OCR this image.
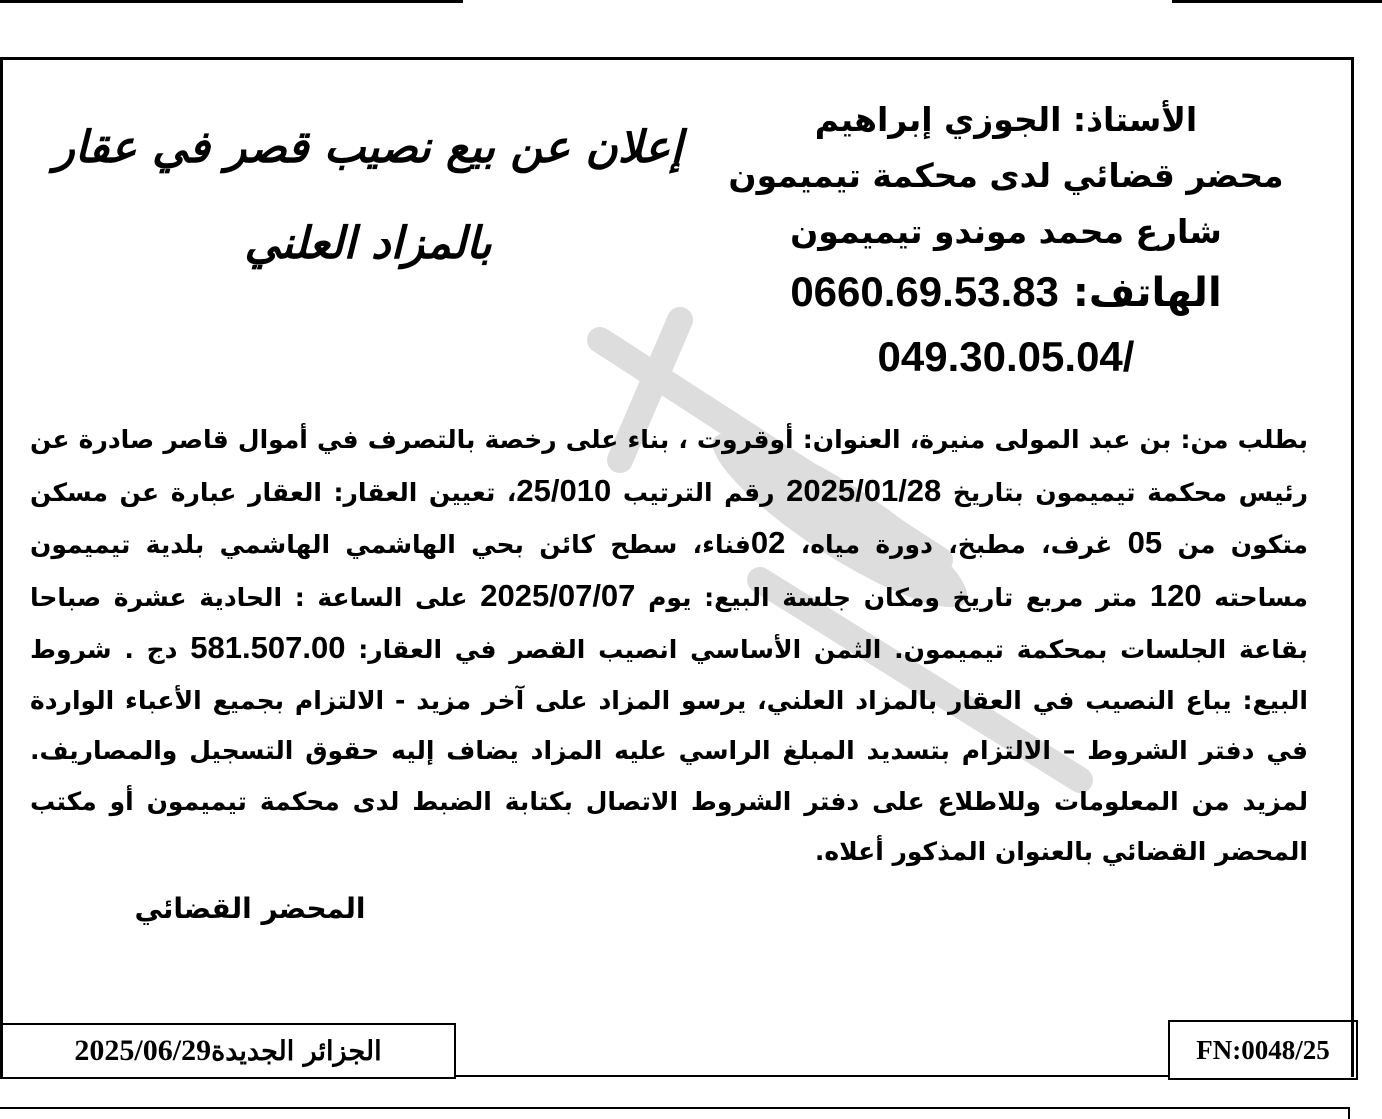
الأستاذ: الجوزي إبراهيم
محضر قضائي لدى محكمة تيميمون
شارع محمد موندو تيميمون
الهاتف: 0660.69.53.83
049.30.05.04/
إعلان عن بيع نصيب قصر في عقار
بالمزاد العلني
بطلب من: بن عبد المولى منيرة، العنوان: أوقروت ، بناء على رخصة بالتصرف في أموال قاصر صادرة عن رئيس محكمة تيميمون بتاريخ 2025/01/28 رقم الترتيب 25/010، تعيين العقار: العقار عبارة عن مسكن متكون من 05 غرف، مطبخ، دورة مياه، 02فناء، سطح كائن بحي الهاشمي الهاشمي بلدية تيميمون مساحته 120 متر مربع تاريخ ومكان جلسة البيع: يوم 2025/07/07 على الساعة : الحادية عشرة صباحا بقاعة الجلسات بمحكمة تيميمون. الثمن الأساسي انصيب القصر في العقار: 581.507.00 دج . شروط البيع: يباع النصيب في العقار بالمزاد العلني، يرسو المزاد على آخر مزيد - الالتزام بجميع الأعباء الواردة في دفتر الشروط – الالتزام بتسديد المبلغ الراسي عليه المزاد يضاف إليه حقوق التسجيل والمصاريف. لمزيد من المعلومات وللاطلاع على دفتر الشروط الاتصال بكتابة الضبط لدى محكمة تيميمون أو مكتب المحضر القضائي بالعنوان المذكور أعلاه.
المحضر القضائي
الجزائر الجديدة
2025/06/29	FN:0048/25
